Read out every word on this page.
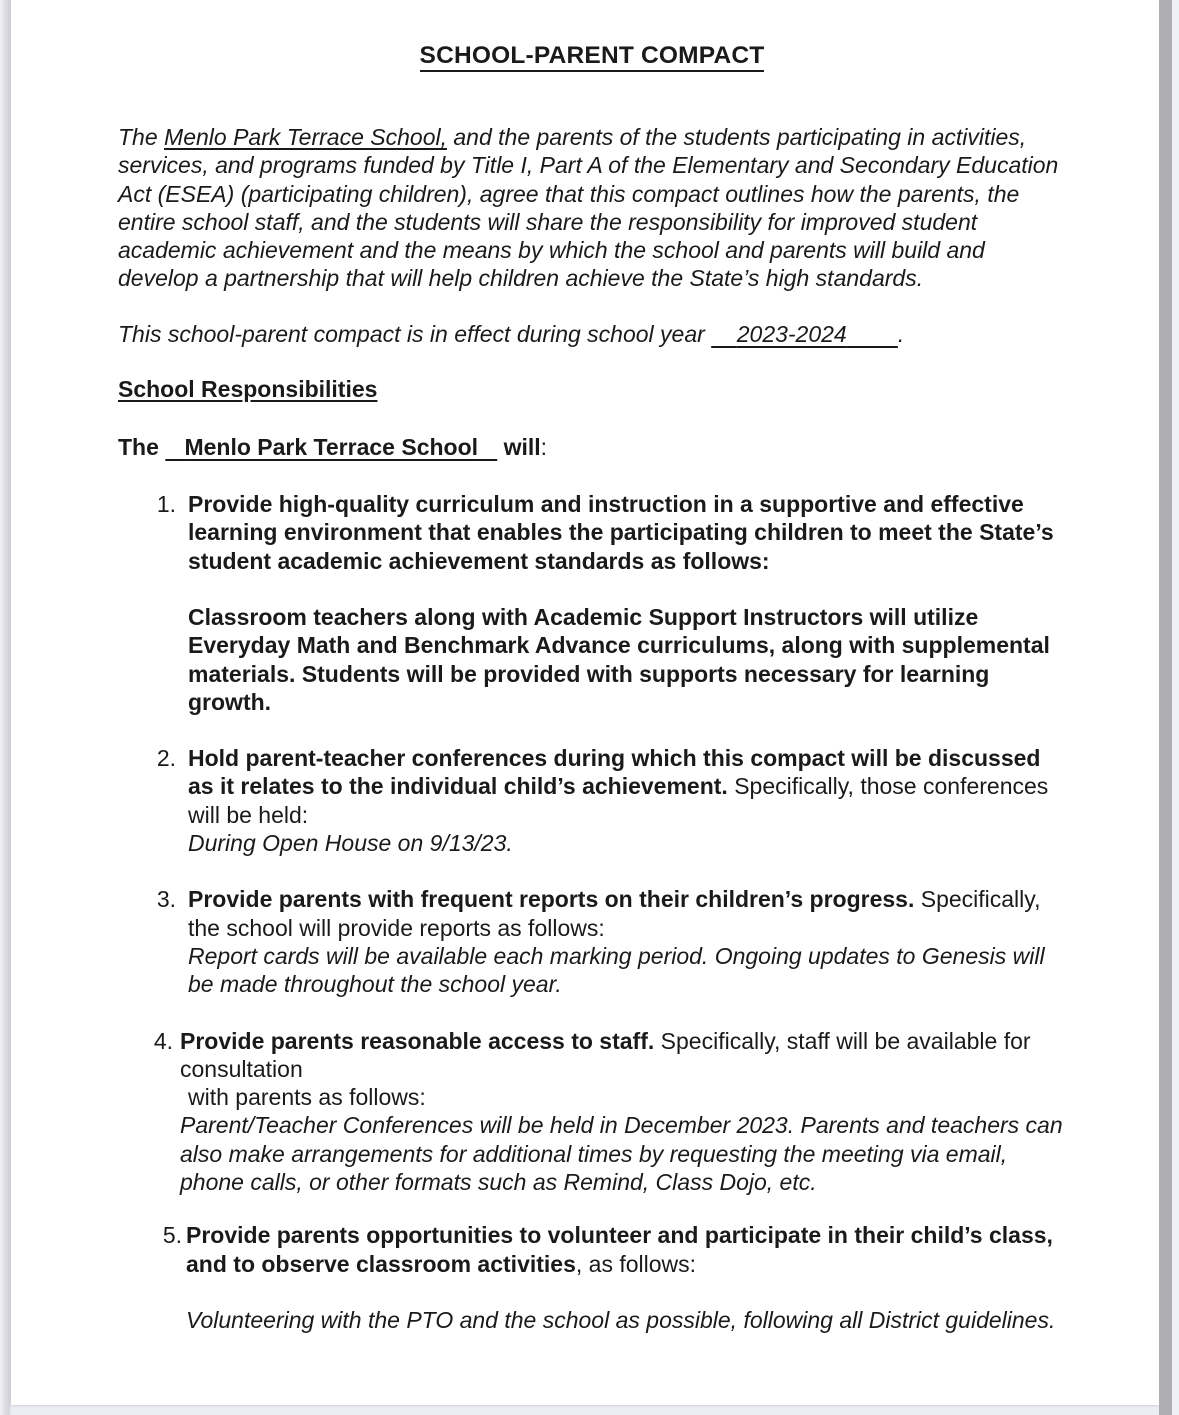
SCHOOL-PARENT COMPACT

The Menlo Park Terrace School, and the parents of the students participating in activities, services, and programs funded by Title I, Part A of the Elementary and Secondary Education Act (ESEA) (participating children), agree that this compact outlines how the parents, the entire school staff, and the students will share the responsibility for improved student academic achievement and the means by which the school and parents will build and develop a partnership that will help children achieve the State’s high standards.

This school-parent compact is in effect during school year     2023-2024 .

School Responsibilities

The    Menlo Park Terrace School    will:

1. Provide high-quality curriculum and instruction in a supportive and effective learning environment that enables the participating children to meet the State’s student academic achievement standards as follows:
Classroom teachers along with Academic Support Instructors will utilize Everyday Math and Benchmark Advance curriculums, along with supplemental materials. Students will be provided with supports necessary for learning growth.
2. Hold parent-teacher conferences during which this compact will be discussed as it relates to the individual child’s achievement. Specifically, those conferences will be held:
During Open House on 9/13/23.
3. Provide parents with frequent reports on their children’s progress. Specifically, the school will provide reports as follows:
Report cards will be available each marking period. Ongoing updates to Genesis will be made throughout the school year.
4. Provide parents reasonable access to staff. Specifically, staff will be available for consultation
with parents as follows:
Parent/Teacher Conferences will be held in December 2023. Parents and teachers can also make arrangements for additional times by requesting the meeting via email, phone calls, or other formats such as Remind, Class Dojo, etc.
5. Provide parents opportunities to volunteer and participate in their child’s class, and to observe classroom activities, as follows:
Volunteering with the PTO and the school as possible, following all District guidelines.
